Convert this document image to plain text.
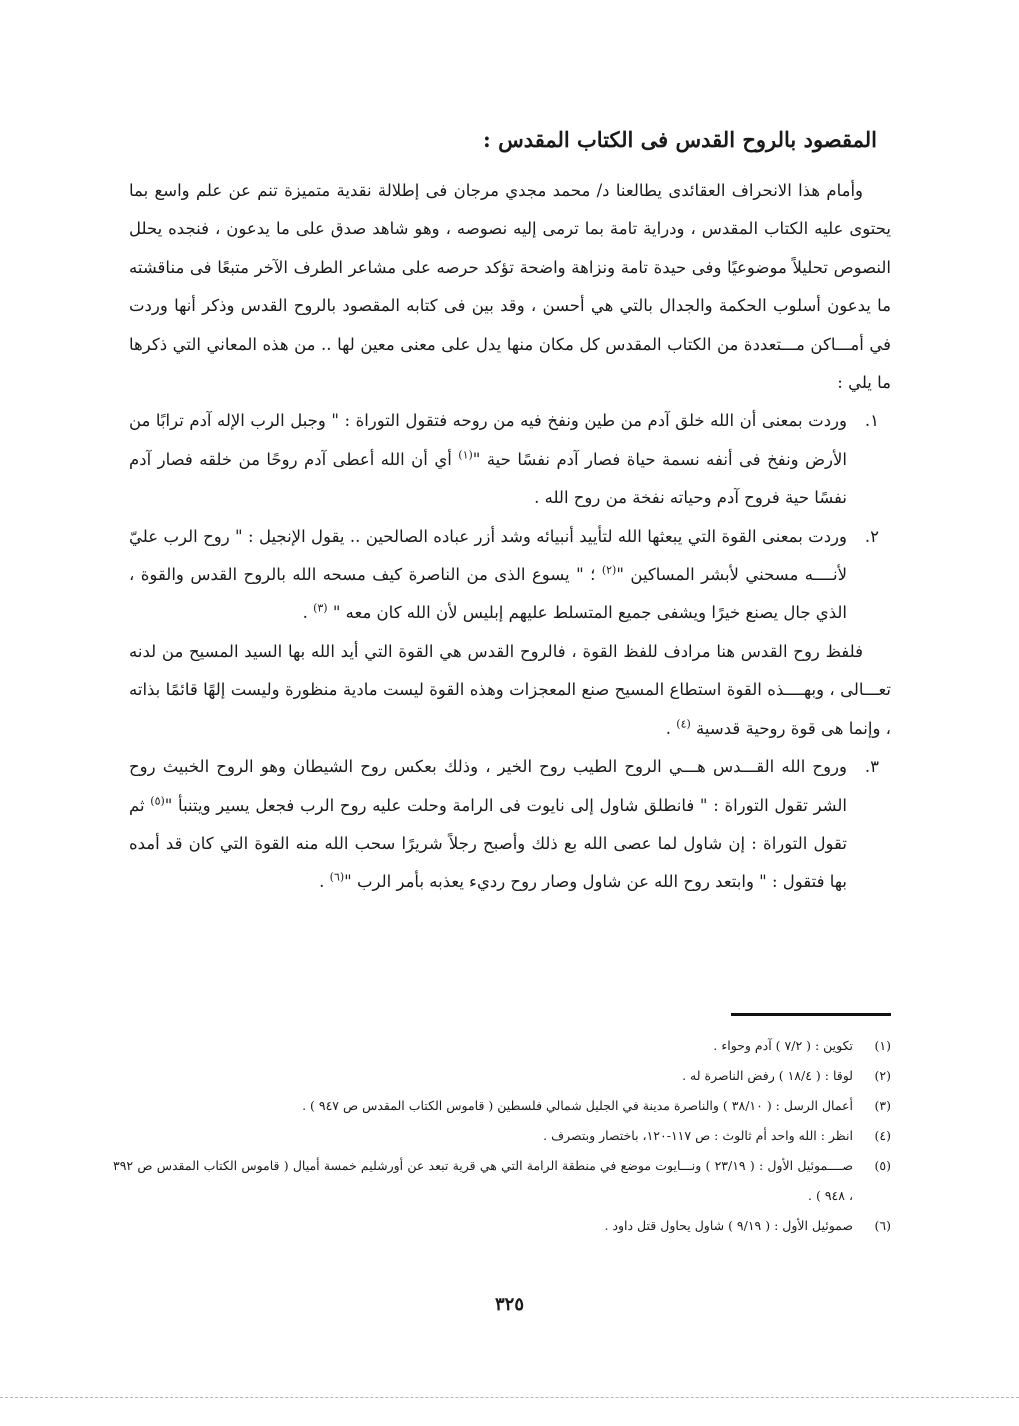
المقصود بالروح القدس فى الكتاب المقدس :

وأمام هذا الانحراف العقائدى يطالعنا د/ محمد مجدي مرجان فى إطلالة نقدية متميزة تنم عن علم واسع بما يحتوى عليه الكتاب المقدس ، ودراية تامة بما ترمى إليه نصوصه ، وهو شاهد صدق على ما يدعون ، فنجده يحلل النصوص تحليلاً موضوعيًا وفى حيدة تامة ونزاهة واضحة تؤكد حرصه على مشاعر الطرف الآخر متبعًا فى مناقشته ما يدعون أسلوب الحكمة والجدال بالتي هي أحسن ، وقد بين فى كتابه المقصود بالروح القدس وذكر أنها وردت في أمـــاكن مـــتعددة من الكتاب المقدس كل مكان منها يدل على معنى معين لها .. من هذه المعاني التي ذكرها ما يلي :

١.
وردت بمعنى أن الله خلق آدم من طين ونفخ فيه من روحه فتقول التوراة : " وجبل الرب الإله آدم ترابًا من الأرض ونفخ فى أنفه نسمة حياة فصار آدم نفسًا حية "$^{(١)}$ أي أن الله أعطى آدم روحًا من خلقه فصار آدم نفسًا حية فروح آدم وحياته نفخة من روح الله .
٢.
وردت بمعنى القوة التي يبعثها الله لتأييد أنبيائه وشد أزر عباده الصالحين .. يقول الإنجيل : " روح الرب عليّ لأنــــه مسحني لأبشر المساكين "$^{(٢)}$ ؛ " يسوع الذى من الناصرة كيف مسحه الله بالروح القدس والقوة ، الذي جال يصنع خيرًا ويشفى جميع المتسلط عليهم إبليس لأن الله كان معه " $^{(٣)}$ .

فلفظ روح القدس هنا مرادف للفظ القوة ، فالروح القدس هي القوة التي أيد الله بها السيد المسيح من لدنه تعـــالى ، وبهــــذه القوة استطاع المسيح صنع المعجزات وهذه القوة ليست مادية منظورة وليست إلهًا قائمًا بذاته ، وإنما هى قوة روحية قدسية $^{(٤)}$ .

٣.
وروح الله القـــدس هـــي الروح الطيب روح الخير ، وذلك بعكس روح الشيطان وهو الروح الخبيث روح الشر تقول التوراة : " فانطلق شاول إلى نايوت فى الرامة وحلت عليه روح الرب فجعل يسير ويتنبأ "$^{(٥)}$ ثم تقول التوراة : إن شاول لما عصى الله بع ذلك وأصبح رجلاً شريرًا سحب الله منه القوة التي كان قد أمده بها فتقول : " وابتعد روح الله عن شاول وصار روح رديء يعذبه بأمر الرب "$^{(٦)}$ .
(١)
تكوين : ( ٧/٢ ) آدم وحواء .
(٢)
لوقا : ( ١٨/٤ ) رفض الناصرة له .
(٣)
أعمال الرسل : ( ٣٨/١٠ ) والناصرة مدينة في الجليل شمالي فلسطين ( قاموس الكتاب المقدس ص ٩٤٧ ) .
(٤)
انظر : الله واحد أم ثالوث : ص ١١٧-١٢٠، باختصار وبتصرف .
(٥)
صــــموئيل الأول : ( ٢٣/١٩ ) ونـــايوت موضع في منطقة الرامة التي هي قرية تبعد عن أورشليم خمسة أميال ( قاموس الكتاب المقدس ص ٣٩٢ ، ٩٤٨ ) .
(٦)
صموئيل الأول : ( ٩/١٩ ) شاول يحاول قتل داود .
٣٢٥
